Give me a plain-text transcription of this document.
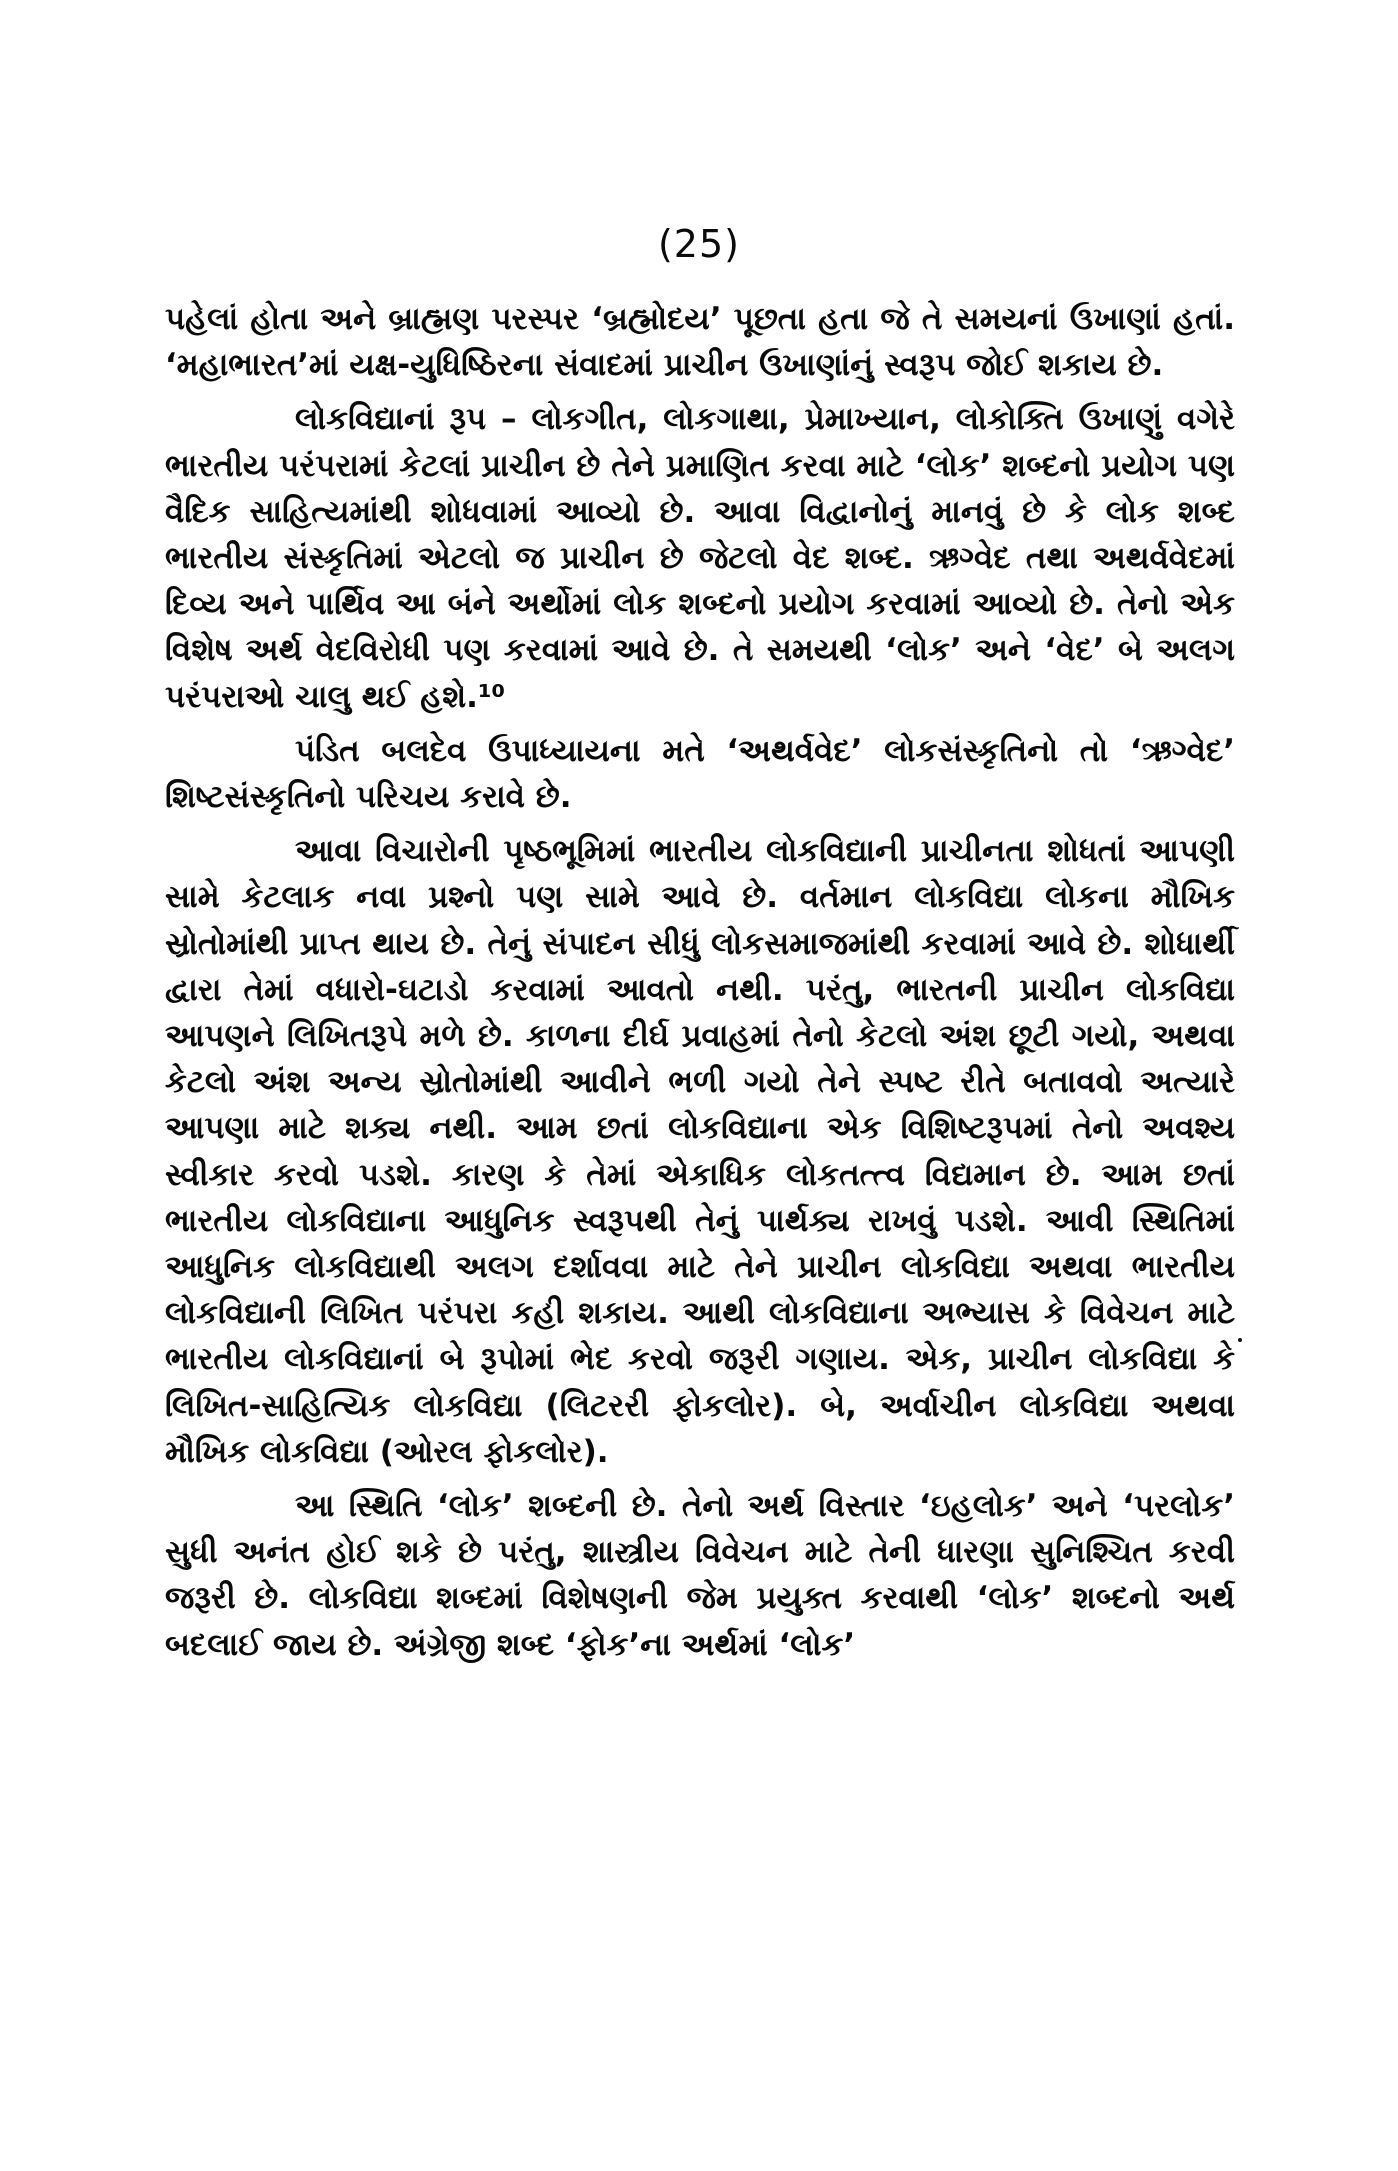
(25)

પહેલાં હોતા અને બ્રાહ્મણ પરસ્પર ‘બ્રહ્મોદય’ પૂછતા હતા જે તે સમયનાં ઉખાણાં હતાં. ‘મહાભારત’માં યક્ષ-યુધિષ્ઠિરના સંવાદમાં પ્રાચીન ઉખાણાંનું સ્વરૂપ જોઈ શકાય છે.

લોકવિદ્યાનાં રૂપ – લોકગીત, લોકગાથા, પ્રેમાખ્યાન, લોકોક્તિ ઉખાણું વગેરે ભારતીય પરંપરામાં કેટલાં પ્રાચીન છે તેને પ્રમાણિત કરવા માટે ‘લોક’ શબ્દનો પ્રયોગ પણ વૈદિક સાહિત્યમાંથી શોધવામાં આવ્યો છે. આવા વિદ્વાનોનું માનવું છે કે લોક શબ્દ ભારતીય સંસ્કૃતિમાં એટલો જ પ્રાચીન છે જેટલો વેદ શબ્દ. ઋગ્વેદ તથા અથર્વવેદમાં દિવ્ય અને પાર્થિવ આ બંને અર્થોમાં લોક શબ્દનો પ્રયોગ કરવામાં આવ્યો છે. તેનો એક વિશેષ અર્થ વેદવિરોધી પણ કરવામાં આવે છે. તે સમયથી ‘લોક’ અને ‘વેદ’ બે અલગ પરંપરાઓ ચાલુ થઈ હશે.¹⁰

પંડિત બલદેવ ઉપાધ્યાયના મતે ‘અથર્વવેદ’ લોકસંસ્કૃતિનો તો ‘ઋગ્વેદ’ શિષ્ટસંસ્કૃતિનો પરિચય કરાવે છે.

આવા વિચારોની પૃષ્ઠભૂમિમાં ભારતીય લોકવિદ્યાની પ્રાચીનતા શોધતાં આપણી સામે કેટલાક નવા પ્રશ્નો પણ સામે આવે છે. વર્તમાન લોકવિદ્યા લોકના મૌખિક સ્રોતોમાંથી પ્રાપ્ત થાય છે. તેનું સંપાદન સીધું લોકસમાજમાંથી કરવામાં આવે છે. શોધાર્થી દ્વારા તેમાં વધારો-ઘટાડો કરવામાં આવતો નથી. પરંતુ, ભારતની પ્રાચીન લોકવિદ્યા આપણને લિખિતરૂપે મળે છે. કાળના દીર્ઘ પ્રવાહમાં તેનો કેટલો અંશ છૂટી ગયો, અથવા કેટલો અંશ અન્ય સ્રોતોમાંથી આવીને ભળી ગયો તેને સ્પષ્ટ રીતે બતાવવો અત્યારે આપણા માટે શક્ય નથી. આમ છતાં લોકવિદ્યાના એક વિશિષ્ટરૂપમાં તેનો અવશ્ય સ્વીકાર કરવો પડશે. કારણ કે તેમાં એકાધિક લોકતત્ત્વ વિદ્યમાન છે. આમ છતાં ભારતીય લોકવિદ્યાના આધુનિક સ્વરૂપથી તેનું પાર્થક્ય રાખવું પડશે. આવી સ્થિતિમાં આધુનિક લોકવિદ્યાથી અલગ દર્શાવવા માટે તેને પ્રાચીન લોકવિદ્યા અથવા ભારતીય લોકવિદ્યાની લિખિત પરંપરા કહી શકાય. આથી લોકવિદ્યાના અભ્યાસ કે વિવેચન માટે ભારતીય લોકવિદ્યાનાં બે રૂપોમાં ભેદ કરવો જરૂરી ગણાય. એક, પ્રાચીન લોકવિદ્યા કે લિખિત-સાહિત્યિક લોકવિદ્યા (લિટરરી ફોકલોર). બે, અર્વાચીન લોકવિદ્યા અથવા મૌખિક લોકવિદ્યા (ઓરલ ફોકલોર).

આ સ્થિતિ ‘લોક’ શબ્દની છે. તેનો અર્થ વિસ્તાર ‘ઇહલોક’ અને ‘પરલોક’ સુધી અનંત હોઈ શકે છે પરંતુ, શાસ્ત્રીય વિવેચન માટે તેની ધારણા સુનિશ્ચિત કરવી જરૂરી છે. લોકવિદ્યા શબ્દમાં વિશેષણની જેમ પ્રયુક્ત કરવાથી ‘લોક’ શબ્દનો અર્થ બદલાઈ જાય છે. અંગ્રેજી શબ્દ ‘ફોક’ના અર્થમાં ‘લોક’
